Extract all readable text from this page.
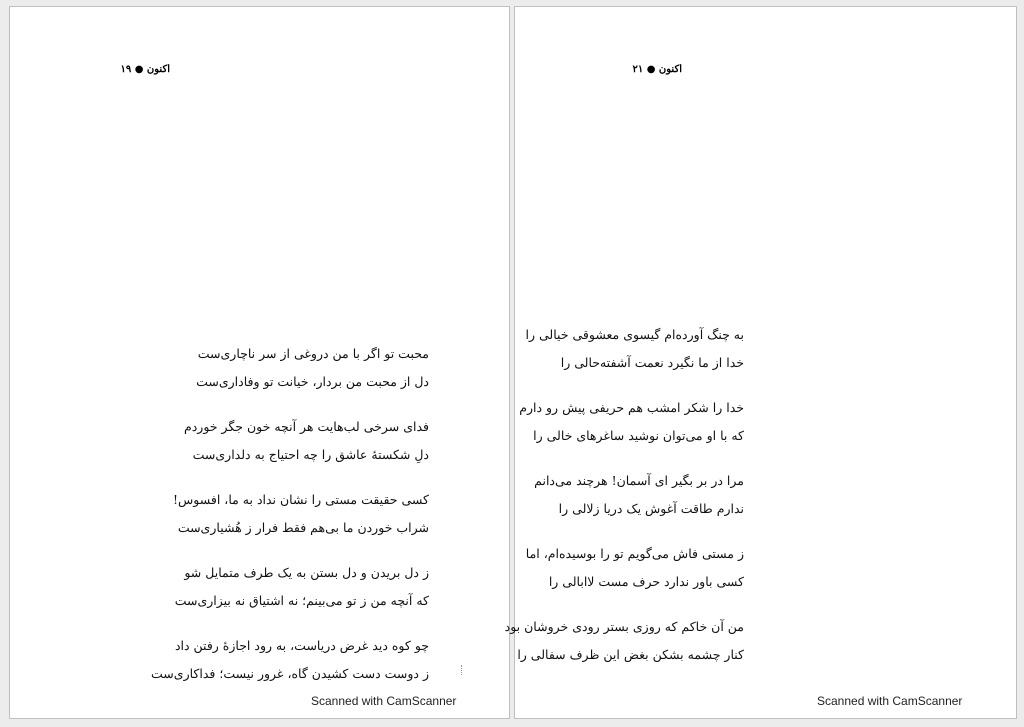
اکنون ● ۱۹
محبت تو اگر با من دروغی از سر ناچاری‌ست
دل از محبت من بردار، خیانت تو وفاداری‌ست
فدای سرخی لب‌هایت هر آنچه خون جگر خوردم
دلِ شکستهٔ عاشق را چه احتیاج به دلداری‌ست
کسی حقیقت مستی را نشان نداد به ما، افسوس!
شراب خوردن ما بی‌هم فقط فرار ز هُشیاری‌ست
ز دل بریدن و دل بستن به یک طرف متمایل شو
که آنچه من ز تو می‌بینم؛ نه اشتیاق نه بیزاری‌ست
چو کوه دید غرض دریاست، به رود اجازهٔ رفتن داد
ز دوست دست کشیدن گاه، غرور نیست؛ فداکاری‌ست
Scanned with CamScanner
اکنون ● ۲۱
به چنگ آورده‌ام گیسوی معشوقی خیالی را
خدا از ما نگیرد نعمت آشفته‌حالی را
خدا را شکر امشب هم حریفی پیش رو دارم
که با او می‌توان نوشید ساغرهای خالی را
مرا در بر بگیر ای آسمان! هرچند می‌دانم
ندارم طاقت آغوش یک دریا زلالی را
ز مستی فاش می‌گویم تو را بوسیده‌ام، اما
کسی باور ندارد حرف مست لاابالی را
من آن خاکم که روزی بستر رودی خروشان بود
کنار چشمه بشکن بغض این ظرف سفالی را
Scanned with CamScanner
